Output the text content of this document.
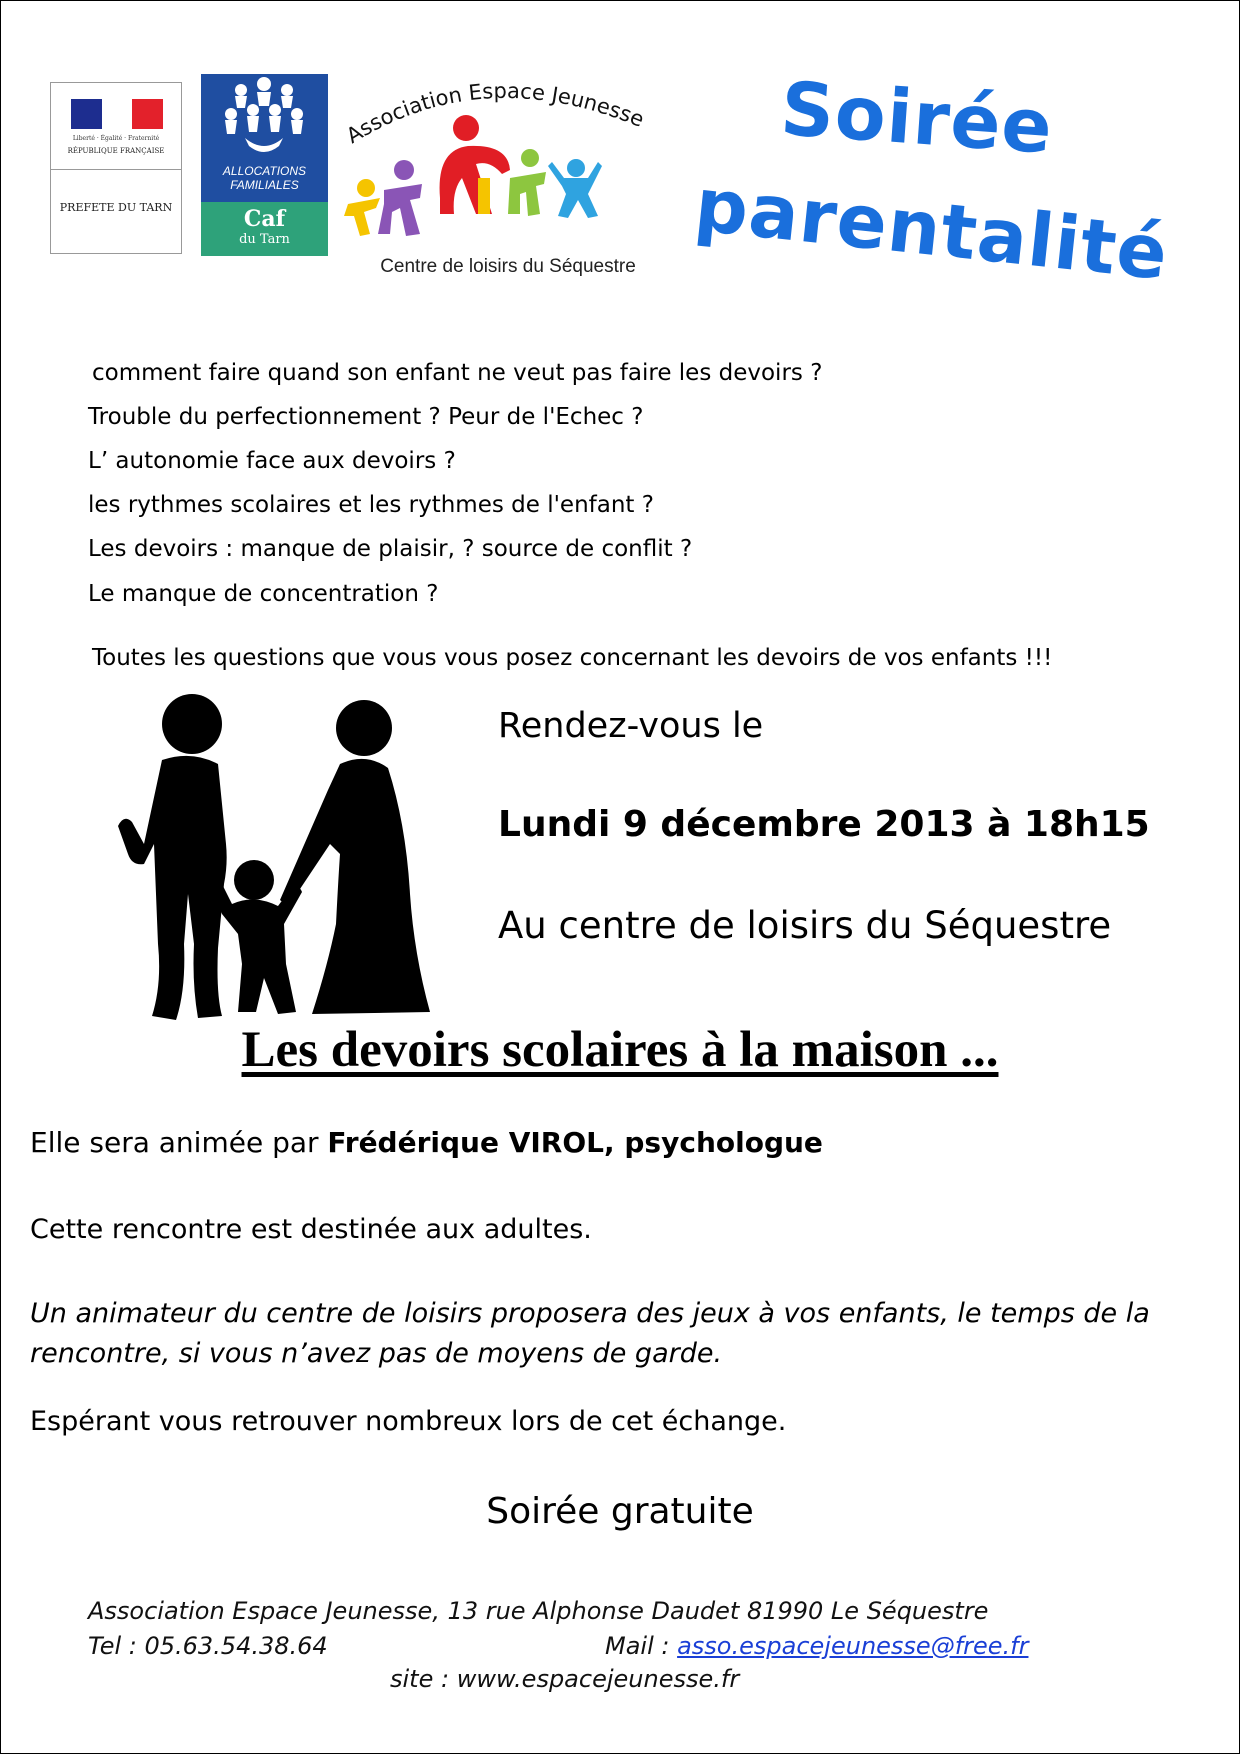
Liberté · Égalité · Fraternité
RÉPUBLIQUE FRANÇAISE
PREFETE DU TARN
ALLOCATIONS
FAMILIALES
Caf
du Tarn
Association Espace Jeunesse
Centre de loisirs du Séquestre
Soirée
parentalité
comment faire quand son enfant ne veut pas faire les devoirs ?
Trouble du perfectionnement ? Peur de l'Echec ?
L’ autonomie face aux devoirs ?
les rythmes scolaires et les rythmes de l'enfant ?
Les devoirs : manque de plaisir, ? source de conflit ?
Le manque de concentration ?
Toutes les questions que vous vous posez concernant les devoirs de vos enfants !!!
Rendez-vous le
Lundi 9 décembre 2013 à 18h15
Au centre de loisirs du Séquestre
Les devoirs scolaires à la maison ...
Elle sera animée par Frédérique VIROL, psychologue
Cette rencontre est destinée aux adultes.
Un animateur du centre de loisirs proposera des jeux à vos enfants, le temps de la rencontre, si vous n’avez pas de moyens de garde.
Espérant vous retrouver nombreux lors de cet échange.
Soirée gratuite
Association Espace Jeunesse, 13 rue Alphonse Daudet 81990 Le Séquestre
Tel : 05.63.54.38.64	Mail : asso.espacejeunesse@free.fr
site : www.espacejeunesse.fr
